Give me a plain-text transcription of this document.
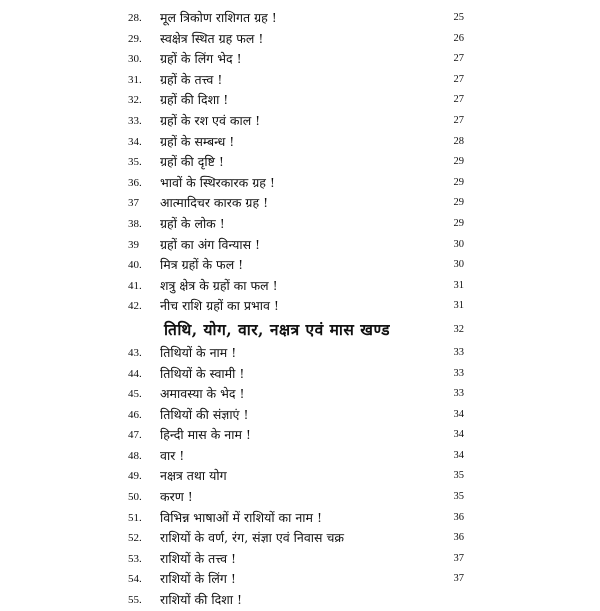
28.	मूल त्रिकोण राशिगत ग्रह !	25
29.	स्वक्षेत्र स्थित ग्रह फल !	26
30.	ग्रहों के लिंग भेद !	27
31.	ग्रहों के तत्त्व !	27
32.	ग्रहों की दिशा !	27
33.	ग्रहों के रश एवं काल !	27
34.	ग्रहों के सम्बन्ध !	28
35.	ग्रहों की दृष्टि !	29
36.	भावों के स्थिरकारक ग्रह !	29
37	आत्मादिचर कारक ग्रह !	29
38.	ग्रहों के लोक !	29
39	ग्रहों का अंग विन्यास !	30
40.	मित्र ग्रहों के फल !	30
41.	शत्रु क्षेत्र के ग्रहों का फल !	31
42.	नीच राशि ग्रहों का प्रभाव !	31
तिथि, योग, वार, नक्षत्र एवं मास खण्ड	32
43.	तिथियों के नाम !	33
44.	तिथियों के स्वामी !	33
45.	अमावस्या के भेद !	33
46.	तिथियों की संज्ञाएं !	34
47.	हिन्दी मास के नाम !	34
48.	वार !	34
49.	नक्षत्र तथा योग	35
50.	करण !	35
51.	विभिन्न भाषाओं में राशियों का नाम !	36
52.	राशियों के वर्ण, रंग, संज्ञा एवं निवास चक्र	36
53.	राशियों के तत्त्व !	37
54.	राशियों के लिंग !	37
55.	राशियों की दिशा !
